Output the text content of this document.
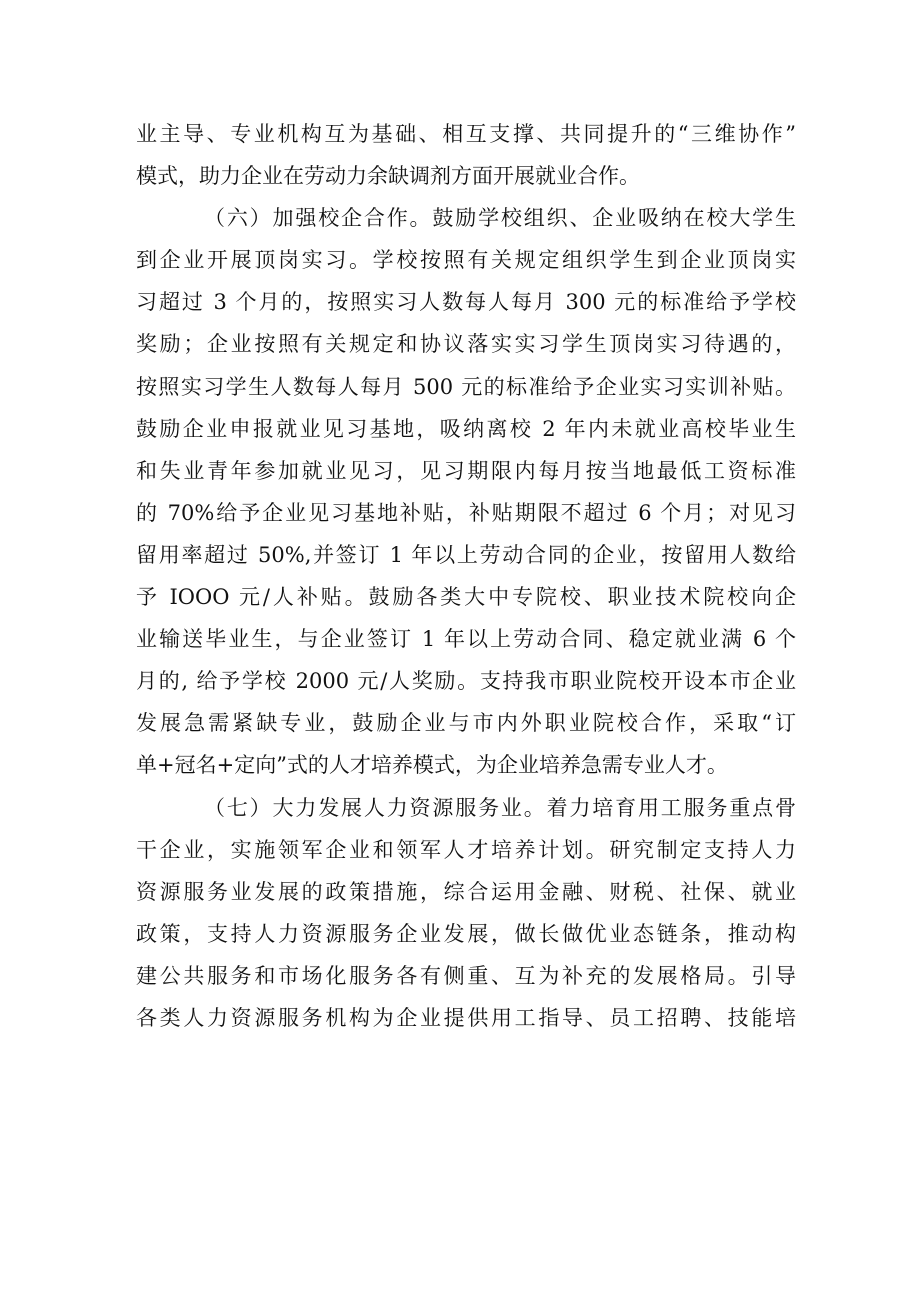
业主导、专业机构互为基础、相互支撑、共同提升的“三维协作”
模式，助力企业在劳动力余缺调剂方面开展就业合作。
（六）加强校企合作。鼓励学校组织、企业吸纳在校大学生
到企业开展顶岗实习。学校按照有关规定组织学生到企业顶岗实
习超过 3 个月的，按照实习人数每人每月 300 元的标准给予学校
奖励；企业按照有关规定和协议落实实习学生顶岗实习待遇的，
按照实习学生人数每人每月 500 元的标准给予企业实习实训补贴。
鼓励企业申报就业见习基地，吸纳离校 2 年内未就业高校毕业生
和失业青年参加就业见习，见习期限内每月按当地最低工资标准
的 70%给予企业见习基地补贴，补贴期限不超过 6 个月；对见习
留用率超过 50%,并签订 1 年以上劳动合同的企业，按留用人数给
予 IOOO 元/人补贴。鼓励各类大中专院校、职业技术院校向企
业输送毕业生，与企业签订 1 年以上劳动合同、稳定就业满 6 个
月的, 给予学校 2000 元/人奖励。支持我市职业院校开设本市企业
发展急需紧缺专业，鼓励企业与市内外职业院校合作，采取“订
单+冠名+定向”式的人才培养模式，为企业培养急需专业人才。
（七）大力发展人力资源服务业。着力培育用工服务重点骨
干企业，实施领军企业和领军人才培养计划。研究制定支持人力
资源服务业发展的政策措施，综合运用金融、财税、社保、就业
政策，支持人力资源服务企业发展，做长做优业态链条，推动构
建公共服务和市场化服务各有侧重、互为补充的发展格局。引导
各类人力资源服务机构为企业提供用工指导、员工招聘、技能培
